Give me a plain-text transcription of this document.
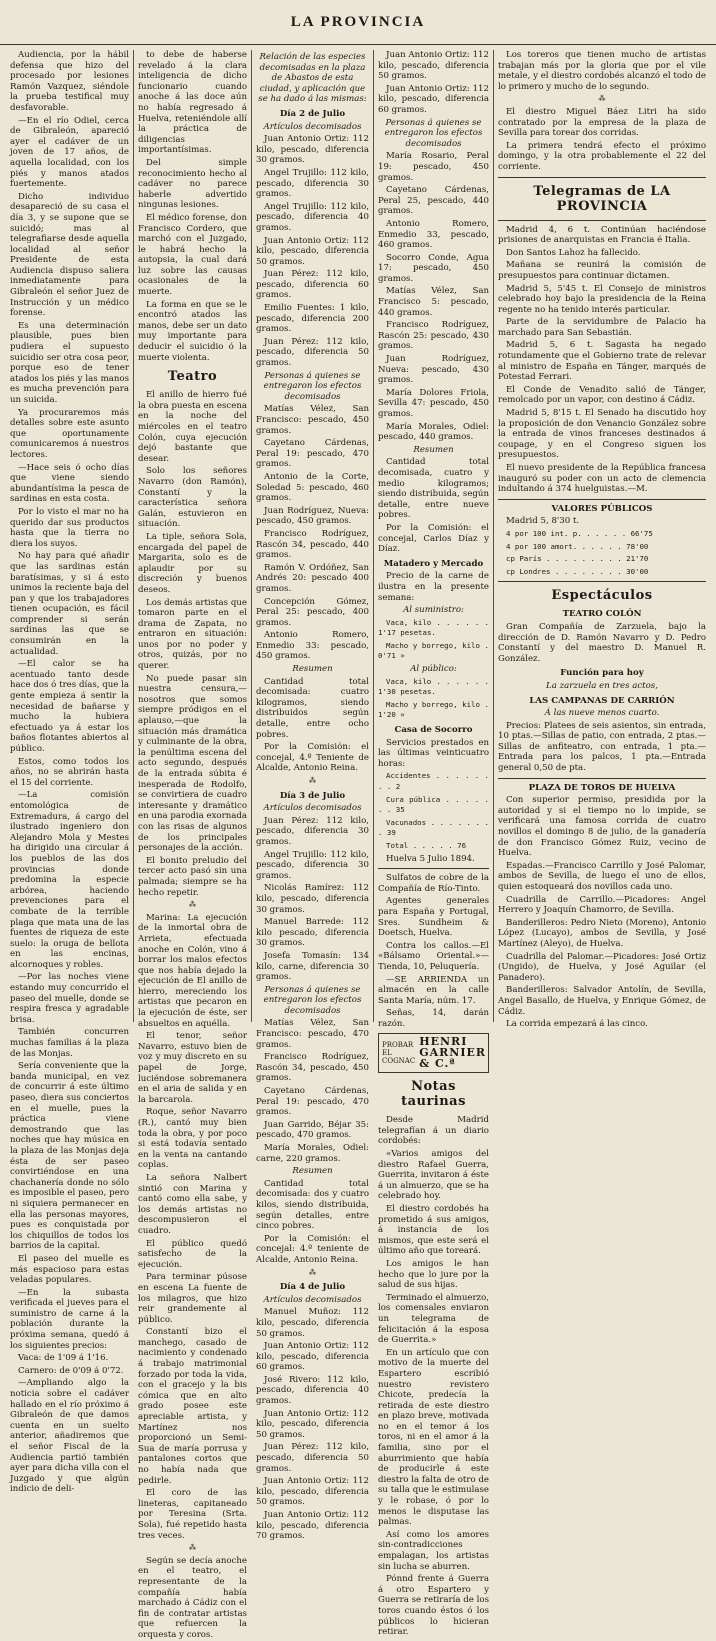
LA PROVINCIA

Audiencia, por la hábil defensa que hizo del procesado por lesiones Ramón Vazquez, siéndole la prueba testifical muy desfavorable.

—En el río Odiel, cerca de Gibraleón, apareció ayer el cadáver de un joven de 17 años, de aquella localidad, con los piés y manos atados fuertemente.

Dicho individuo desapareció de su casa el día 3, y se supone que se suicidó; mas al telegrafiarse desde aquella localidad al señor Presidente de esta Audiencia dispuso saliera inmediatamente para Gibraleón el señor Juez de Instrucción y un médico forense.

Es una determinación plausible, pues bien pudiera el supuesto suicidio ser otra cosa peor, porque eso de tener atados los piés y las manos es mucha prevención para un suicida.

Ya procuraremos más detalles sobre este asunto que oportunamente comunicaremos á nuestros lectores.

—Hace seis ó ocho días que viene siendo abundantísima la pesca de sardinas en esta costa.

Por lo visto el mar no ha querido dar sus productos hasta que la tierra no diera los suyos.

No hay para qué añadir que las sardinas están baratísimas, y si á esto unimos la reciente baja del pan y que los trabajadores tienen ocupación, es fácil comprender si serán sardinas las que se consumirán en la actualidad.

—El calor se ha acentuado tanto desde hace dos ó tres días, que la gente empieza á sentir la necesidad de bañarse y mucho la hubiera efectuado ya á estar los baños flotantes abiertos al público.

Estos, como todos los años, no se abrirán hasta el 15 del corriente.

—La comisión entomológica de Extremadura, á cargo del ilustrado ingeniero don Alejandro Mola y Mestes ha dirigido una circular á los pueblos de las dos provincias donde predomina la especie arbórea, haciendo prevenciones para el combate de la terrible plaga que mata una de las fuentes de riqueza de este suelo: la oruga de bellota en las encinas, alcornoques y robles.

—Por las noches viene estando muy concurrido el paseo del muelle, donde se respira fresca y agradable brisa.

También concurren muchas familias á la plaza de las Monjas.

Sería conveniente que la banda municipal, en vez de concurrir á este último paseo, diera sus conciertos en el muelle, pues la práctica viene demostrando que las noches que hay música en la plaza de las Monjas deja ésta de ser paseo convirtiéndose en una chachanería donde no sólo es imposible el paseo, pero ni siquiera permanecer en ella las personas mayores, pues es conquistada por los chiquillos de todos los barrios de la capital.

El paseo del muelle es más espacioso para estas veladas populares.

—En la subasta verificada el jueves para el suministro de carne á la población durante la próxima semana, quedó á los siguientes precios:

Vaca: de 1'09 á 1'16.

Carnero: de 0'09 á 0'72.

—Ampliando algo la noticia sobre el cadáver hallado en el río próximo á Gibraleón de que damos cuenta en un suelto anterior, añadiremos que el señor Fiscal de la Audiencia partió también ayer para dicha villa con el Juzgado y que algún indicio de deli-

to debe de haberse revelado á la clara inteligencia de dicho funcionario cuando anoche á las doce aún no había regresado á Huelva, reteniéndole allí la práctica de diligencias importantísimas.

Del simple reconocimiento hecho al cadáver no parece haberle advertido ningunas lesiones.

El médico forense, don Francisco Cordero, que marchó con el Juzgado, le habrá hecho la autopsia, la cual dará luz sobre las causas ocasionales de la muerte.

La forma en que se le encontró atados las manos, debe ser un dato muy importante para deducir el suicidio ó la muerte violenta.

Teatro

El anillo de hierro fué la obra puesta en escena en la noche del miércoles en el teatro Colón, cuya ejecución dejó bastante que desear.

Solo los señores Navarro (don Ramón), Constantí y la característica señora Galán, estuvieron en situación.

La tiple, señora Sola, encargada del papel de Margarita, solo es de aplaudir por su discreción y buenos deseos.

Los demás artistas que tomaron parte en el drama de Zapata, no entraron en situación: unos por no poder y otros, quizás, por no querer.

No puede pasar sin nuestra censura,—nosotros que somos siempre pródigos en el aplauso,—que la situación más dramática y culminante de la obra, la penúltima escena del acto segundo, después de la entrada súbita é inesperada de Rodolfo, se convirtiera de cuadro interesante y dramático en una parodia exornada con las risas de algunos de los principales personajes de la acción.

El bonito preludio del tercer acto pasó sin una palmada; siempre se ha hecho repetir.

⁂

Marina: La ejecución de la inmortal obra de Arrieta, efectuada anoche en Colón, vino á borrar los malos efectos que nos había dejado la ejecución de El anillo de hierro, mereciendo los artistas que pecaron en la ejecución de éste, ser absueltos en aquélla.

El tenor, señor Navarro, estuvo bien de voz y muy discreto en su papel de Jorge, luciéndose sobremanera en el aria de salida y en la barcarola.

Roque, señor Navarro (R.), cantó muy bien toda la obra, y por poco si está todavía sentado en la venta na cantando coplas.

La señora Nalbert sintió con Marina y cantó como ella sabe, y los demás artistas no descompusieron el cuadro.

El público quedó satisfecho de la ejecución.

Para terminar púsose en escena La fuente de los milagros, que hizo reir grandemente al público.

Constantí bizo el manchego, casado de nacimiento y condenado á trabajo matrimonial forzado por toda la vida, con el gracejo y la bis cómica que en alto grado posee este apreciable artista, y Martínez nos proporcionó un Semi-Sua de maría porrusa y pantalones cortos que no había nada que pedirle.

El coro de las lineteras, capitaneado por Teresina (Srta. Sola), fué repetido hasta tres veces.

⁂

Según se decía anoche en el teatro, el representante de la compañía había marchado á Cádiz con el fin de contratar artistas que refuercen la orquesta y coros.

Relación de las especies decomisadas en la plaza de Abastos de esta ciudad, y aplicación que se ha dado á las mismas:

Día 2 de Julio

Artículos decomisados

Juan Antonio Ortiz: 112 kilo, pescado, diferencia 30 gramos.

Angel Trujillo: 112 kilo, pescado, diferencia 30 gramos.

Angel Trujillo: 112 kilo, pescado, diferencia 40 gramos.

Juan Antonio Ortiz: 112 kilo, pescado, diferencia 50 gramos.

Juan Pérez: 112 kilo, pescado, diferencia 60 gramos.

Emilio Fuentes: 1 kilo, pescado, diferencia 200 gramos.

Juan Pérez: 112 kilo, pescado, diferencia 50 gramos.

Personas á quienes se entregaron los efectos decomisados

Matías Vélez, San Francisco: pescado, 450 gramos.

Cayetano Cárdenas, Peral 19: pescado, 470 gramos.

Antonio de la Corte, Soledad 5: pescado, 460 gramos.

Juan Rodríguez, Nueva: pescado, 450 gramos.

Francisco Rodríguez, Rascón 34, pescado, 440 gramos.

Ramón V. Ordóñez, San Andrés 20: pescado 400 gramos.

Concepción Gómez, Peral 25: pescado, 400 gramos.

Antonio Romero, Enmedio 33: pescado, 450 gramos.

Resumen

Cantidad total decomisada: cuatro kilogramos, siendo distribuidos según detalle, entre ocho pobres.

Por la Comisión: el concejal, 4.º Teniente de Alcalde, Antonio Reina.

⁂

Día 3 de Julio

Artículos decomisados

Juan Pérez: 112 kilo, pescado, diferencia 30 gramos.

Angel Trujillo: 112 kilo, pescado, diferencia 30 gramos.

Nicolás Ramírez: 112 kilo, pescado, diferencia 30 gramos.

Manuel Barrede: 112 kilo pescado, diferencia 30 gramos.

Josefa Tomasín: 134 kilo, carne, diferencia 30 gramos.

Personas á quienes se entregaron los efectos decomisados

Matías Vélez, San Francisco: pescado, 470 gramos.

Francisco Rodríguez, Rascón 34, pescado, 450 gramos.

Cayetano Cárdenas, Peral 19: pescado, 470 gramos.

Juan Garrido, Béjar 35: pescado, 470 gramos.

María Morales, Odiel: carne, 220 gramos.

Resumen

Cantidad total decomisada: dos y cuatro kilos, siendo distribuida, según detalles, entre cinco pobres.

Por la Comisión: el concejal: 4.º teniente de Alcalde, Antonio Reina.

⁂

Día 4 de Julio

Artículos decomisados

Manuel Muñoz: 112 kilo, pescado, diferencia 50 gramos.

Juan Antonio Ortiz: 112 kilo, pescado, diferencia 60 gramos.

José Rivero: 112 kilo, pescado, diferencia 40 gramos.

Juan Antonio Ortiz: 112 kilo, pescado, diferencia 50 gramos.

Juan Pérez: 112 kilo, pescado, diferencia 50 gramos.

Juan Antonio Ortiz: 112 kilo, pescado, diferencia 50 gramos.

Juan Antonio Ortiz: 112 kilo, pescado, diferencia 70 gramos.

Juan Antonio Ortiz: 112 kilo, pescado, diferencia 50 gramos.

Juan Antonio Ortiz: 112 kilo, pescado, diferencia 60 gramos.

Personas á quienes se entregaron los efectos decomisados

María Rosario, Peral 19: pescado, 450 gramos.

Cayetano Cárdenas, Peral 25, pescado, 440 gramos.

Antonio Romero, Enmedio 33, pescado, 460 gramos.

Socorro Conde, Agua 17: pescado, 450 gramos.

Matías Vélez, San Francisco 5: pescado, 440 gramos.

Francisco Rodríguez, Rascón 25: pescado, 430 gramos.

Juan Rodríguez, Nueva: pescado, 430 gramos.

María Dolores Friola, Sevilla 47: pescado, 450 gramos.

María Morales, Odiel: pescado, 440 gramos.

Resumen

Cantidad total decomisada, cuatro y medio kilogramos; siendo distribuida, según detalle, entre nueve pobres.

Por la Comisión: el concejal, Carlos Díaz y Díaz.

Matadero y Mercado

Precio de la carne de ilustra en la presente semana:

Al suministro:

Vaca, kilo . . . . . . 1'17 pesetas.

Macho y borrego, kilo . 0'71 »

Al público:

Vaca, kilo . . . . . . 1'30 pesetas.

Macho y borrego, kilo . 1'20 »

Casa de Socorro

Servicios prestados en las últimas veinticuatro horas:

Accidentes . . . . . . . . 2

Cura pública . . . . . . . 35

Vacunados . . . . . . . . 39

Total . . . . . 76

Huelva 5 Julio 1894.

Sulfatos de cobre de la Compañía de Río-Tinto.

Agentes generales para España y Portugal, Sres. Sundheim & Doetsch, Huelva.

Contra los callos.—El «Bálsamo Oriental.»—Tienda, 10, Peluquería.

—SE ARRIENDA un almacén en la calle Santa María, núm. 17.

Señas, 14, darán razón.

PROBAR EL COGNAC
HENRI GARNIER & C.ª

Notas taurinas

Desde Madrid telegrafían á un diario cordobés:

«Varios amigos del diestro Rafael Guerra, Guerrita, invitaron á éste á un almuerzo, que se ha celebrado hoy.

El diestro cordobés ha prometido á sus amigos, á instancia de los mismos, que este será el último año que toreará.

Los amigos le han hecho que lo jure por la salud de sus hijas.

Terminado el almuerzo, los comensales enviaron un telegrama de felicitación á la esposa de Guerrita.»

En un artículo que con motivo de la muerte del Espartero escribió nuestro revistero Chicote, predecía la retirada de este diestro en plazo breve, motivada no en el temor á los toros, ni en el amor á la familia, sino por el aburrimiento que había de producirle á este diestro la falta de otro de su talla que le estimulase y le robase, ó por lo menos le disputase las palmas.

Así como los amores sin-contradicciones empalagan, los artistas sin lucha se aburren.

Pónnd frente á Guerra á otro Espartero y Guerra se retiraría de los toros cuando éstos ó los públicos lo hicieran retirar.

Los toreros que tienen mucho de artistas trabajan más por la gloria que por el vile metale, y el diestro cordobés alcanzó el todo de lo primero y mucho de lo segundo.

⁂

El diestro Miguel Báez Litri ha sido contratado por la empresa de la plaza de Sevilla para torear dos corridas.

La primera tendrá efecto el próximo domingo, y la otra probablemente el 22 del corriente.

Telegramas de LA PROVINCIA

Madrid 4, 6 t. Continúan haciéndose prisiones de anarquistas en Francia é Italia.

Don Santos Lahoz ha fallecido.

Mañana se reunirá la comisión de presupuestos para continuar dictamen.

Madrid 5, 5'45 t. El Consejo de ministros celebrado hoy bajo la presidencia de la Reina regente no ha tenido interés particular.

Parte de la servidumbre de Palacio ha marchado para San Sebastián.

Madrid 5, 6 t. Sagasta ha negado rotundamente que el Gobierno trate de relevar al ministro de España en Tánger, marqués de Potestad Ferrari.

El Conde de Venadito salió de Tánger, remolcado por un vapor, con destino á Cádiz.

Madrid 5, 8'15 t. El Senado ha discutido hoy la proposición de don Venancio González sobre la entrada de vinos franceses destinados á coupage, y en el Congreso siguen los presupuestos.

El nuevo presidente de la República francesa inauguró su poder con un acto de clemencia indultando á 374 huelguistas.—M.

VALORES PÚBLICOS

Madrid 5, 8'30 t.

4 por 100 int. p. . . . . . 66'75

4 por 100 amort. . . . . . 78'00

cp París . . . . . . . . . 21'70

cp Londres . . . . . . . . 30'00

Espectáculos

TEATRO COLÓN

Gran Compañía de Zarzuela, bajo la dirección de D. Ramón Navarro y D. Pedro Constantí y del maestro D. Manuel R. González.

Función para hoy

La zarzuela en tres actos,

LAS CAMPANAS DE CARRIÓN

Á las nueve menos cuarto.

Precios: Platees de seis asientos, sin entrada, 10 ptas.—Sillas de patio, con entrada, 2 ptas.—Sillas de anfiteatro, con entrada, 1 pta.—Entrada para los palcos, 1 pta.—Entrada general 0,50 de pta.

PLAZA DE TOROS DE HUELVA

Con superior permiso, presidida por la autoridad y si el tiempo no lo impide, se verificará una famosa corrida de cuatro novillos el domingo 8 de julio, de la ganadería de don Francisco Gómez Ruiz, vecino de Huelva.

Espadas.—Francisco Carrillo y José Palomar, ambos de Sevilla, de luego el uno de ellos, quien estoqueará dos novillos cada uno.

Cuadrilla de Carrillo.—Picadores: Angel Herrero y Joaquín Chamorro, de Sevilla.

Banderilleros: Pedro Nieto (Moreno), Antonio López (Lucayo), ambos de Sevilla, y José Martínez (Aleyo), de Huelva.

Cuadrilla del Palomar.—Picadores: José Ortiz (Ungido), de Huelva, y José Aguilar (el Panadero).

Banderilleros: Salvador Antolín, de Sevilla, Angel Basallo, de Huelva, y Enrique Gómez, de Cádiz.

La corrida empezará á las cinco.
